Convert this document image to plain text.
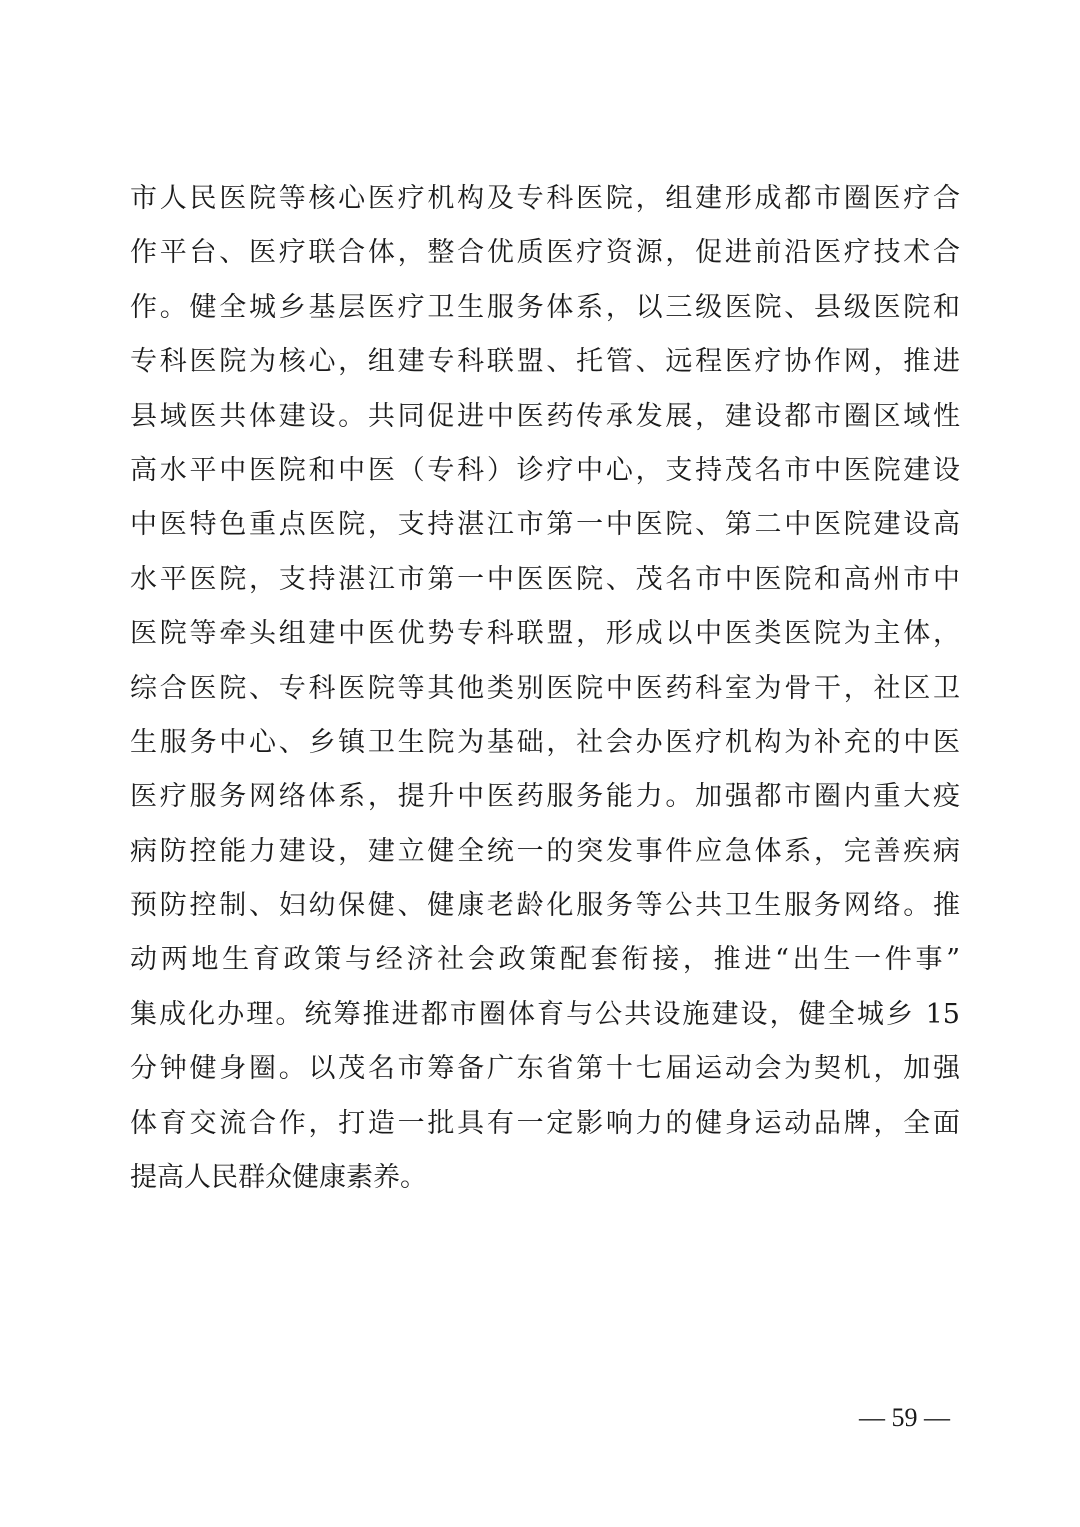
市人民医院等核心医疗机构及专科医院，组建形成都市圈医疗合
作平台、医疗联合体，整合优质医疗资源，促进前沿医疗技术合
作。健全城乡基层医疗卫生服务体系，以三级医院、县级医院和
专科医院为核心，组建专科联盟、托管、远程医疗协作网，推进
县域医共体建设。共同促进中医药传承发展，建设都市圈区域性
高水平中医院和中医（专科）诊疗中心，支持茂名市中医院建设
中医特色重点医院，支持湛江市第一中医院、第二中医院建设高
水平医院，支持湛江市第一中医医院、茂名市中医院和高州市中
医院等牵头组建中医优势专科联盟，形成以中医类医院为主体，
综合医院、专科医院等其他类别医院中医药科室为骨干，社区卫
生服务中心、乡镇卫生院为基础，社会办医疗机构为补充的中医
医疗服务网络体系，提升中医药服务能力。加强都市圈内重大疫
病防控能力建设，建立健全统一的突发事件应急体系，完善疾病
预防控制、妇幼保健、健康老龄化服务等公共卫生服务网络。推
动两地生育政策与经济社会政策配套衔接，推进“出生一件事”
集成化办理。统筹推进都市圈体育与公共设施建设，健全城乡 15
分钟健身圈。以茂名市筹备广东省第十七届运动会为契机，加强
体育交流合作，打造一批具有一定影响力的健身运动品牌，全面
提高人民群众健康素养。
— 59 —
